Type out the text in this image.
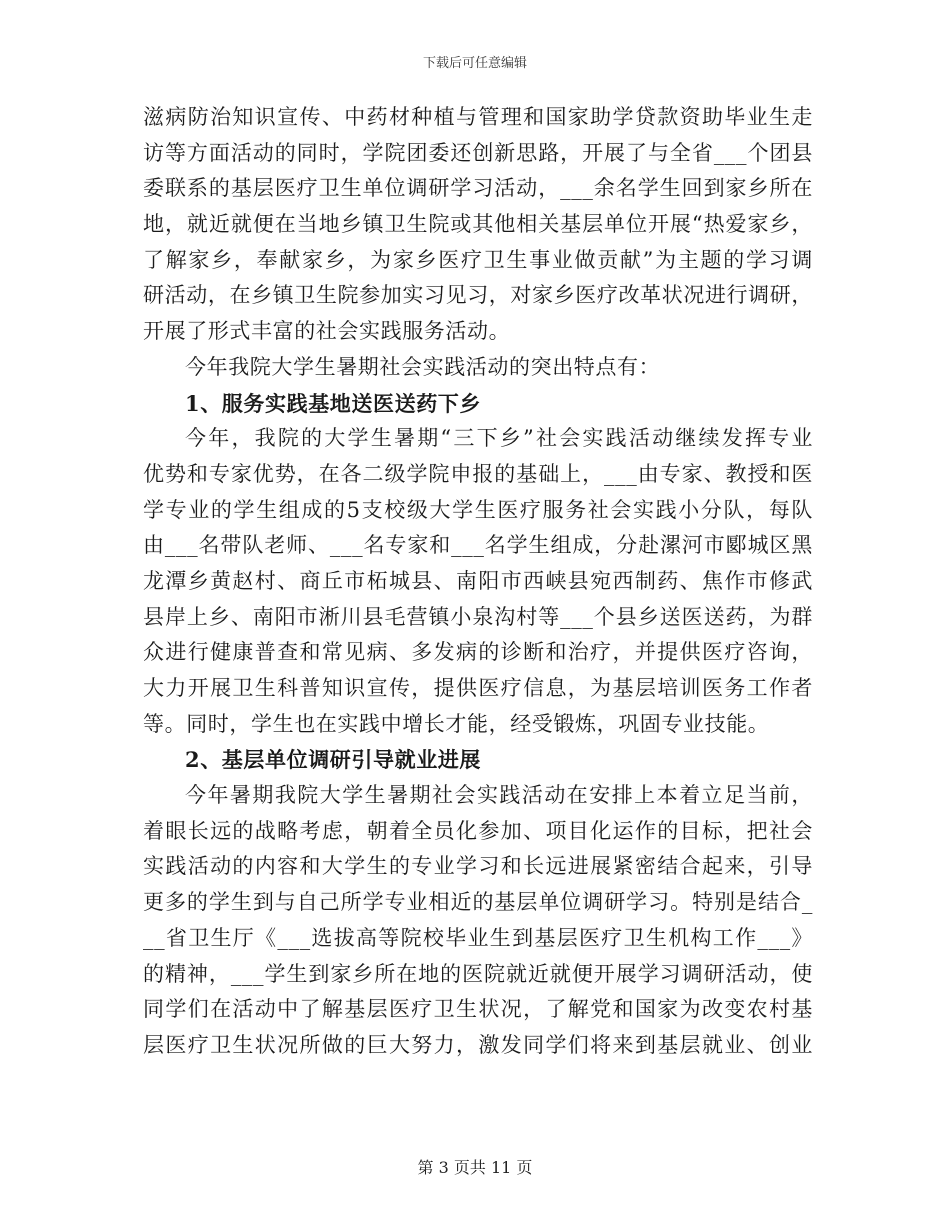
下载后可任意编辑
滋病防治知识宣传、中药材种植与管理和国家助学贷款资助毕业生走
访等方面活动的同时，学院团委还创新思路，开展了与全省___个团县
委联系的基层医疗卫生单位调研学习活动，___余名学生回到家乡所在
地，就近就便在当地乡镇卫生院或其他相关基层单位开展“热爱家乡，
了解家乡，奉献家乡，为家乡医疗卫生事业做贡献”为主题的学习调
研活动，在乡镇卫生院参加实习见习，对家乡医疗改革状况进行调研，
开展了形式丰富的社会实践服务活动。
今年我院大学生暑期社会实践活动的突出特点有：
1、服务实践基地送医送药下乡
今年，我院的大学生暑期“三下乡”社会实践活动继续发挥专业
优势和专家优势，在各二级学院申报的基础上，___由专家、教授和医
学专业的学生组成的5支校级大学生医疗服务社会实践小分队，每队
由___名带队老师、___名专家和___名学生组成，分赴漯河市郾城区黑
龙潭乡黄赵村、商丘市柘城县、南阳市西峡县宛西制药、焦作市修武
县岸上乡、南阳市淅川县毛营镇小泉沟村等___个县乡送医送药，为群
众进行健康普查和常见病、多发病的诊断和治疗，并提供医疗咨询，
大力开展卫生科普知识宣传，提供医疗信息，为基层培训医务工作者
等。同时，学生也在实践中增长才能，经受锻炼，巩固专业技能。
2、基层单位调研引导就业进展
今年暑期我院大学生暑期社会实践活动在安排上本着立足当前，
着眼长远的战略考虑，朝着全员化参加、项目化运作的目标，把社会
实践活动的内容和大学生的专业学习和长远进展紧密结合起来，引导
更多的学生到与自己所学专业相近的基层单位调研学习。特别是结合_
__省卫生厅《___选拔高等院校毕业生到基层医疗卫生机构工作___》
的精神，___学生到家乡所在地的医院就近就便开展学习调研活动，使
同学们在活动中了解基层医疗卫生状况，了解党和国家为改变农村基
层医疗卫生状况所做的巨大努力，激发同学们将来到基层就业、创业
第 3 页共 11 页
